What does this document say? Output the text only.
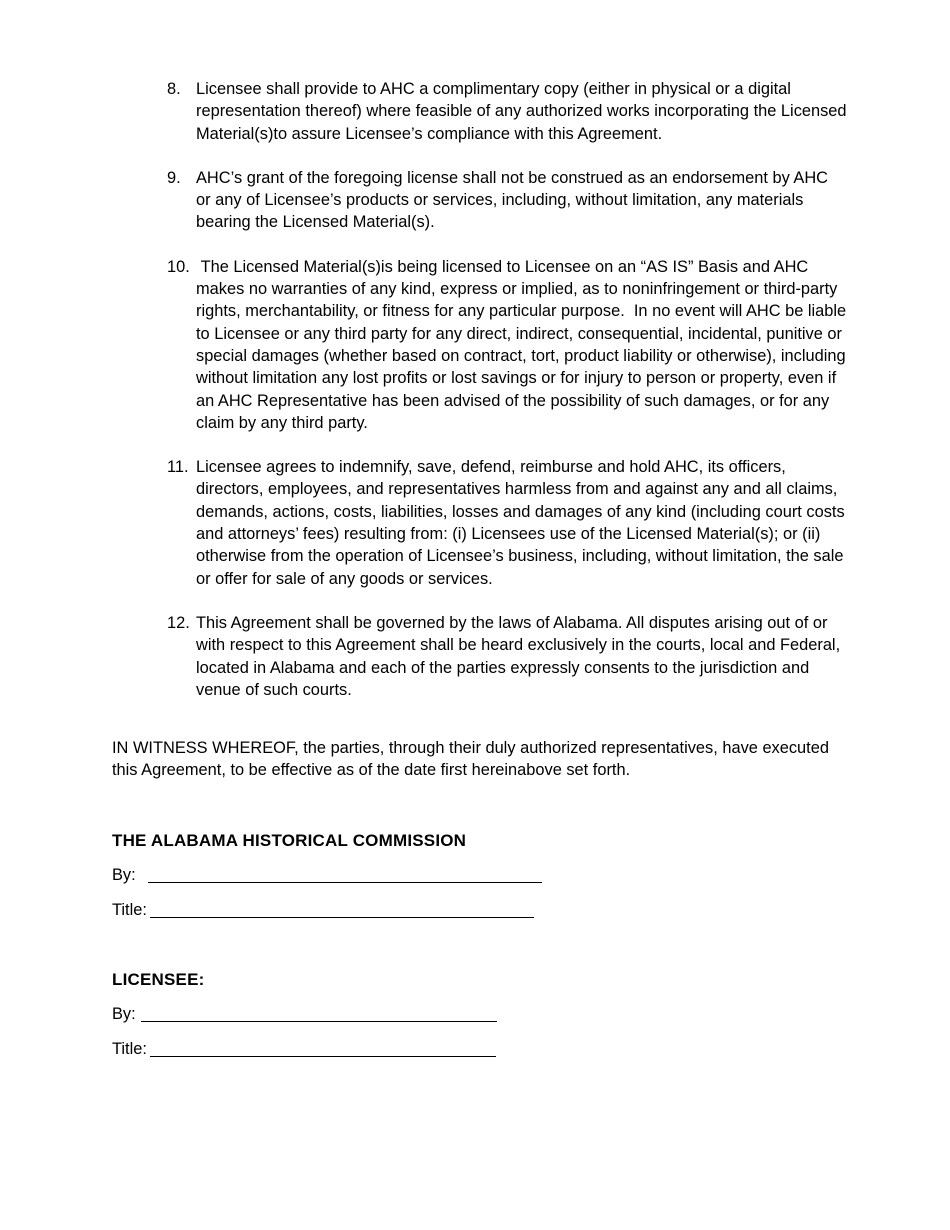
8. Licensee shall provide to AHC a complimentary copy (either in physical or a digital representation thereof) where feasible of any authorized works incorporating the Licensed Material(s)to assure Licensee’s compliance with this Agreement.
9. AHC’s grant of the foregoing license shall not be construed as an endorsement by AHC or any of Licensee’s products or services, including, without limitation, any materials bearing the Licensed Material(s).
10. The Licensed Material(s)is being licensed to Licensee on an “AS IS” Basis and AHC makes no warranties of any kind, express or implied, as to noninfringement or third-party rights, merchantability, or fitness for any particular purpose.  In no event will AHC be liable to Licensee or any third party for any direct, indirect, consequential, incidental, punitive or special damages (whether based on contract, tort, product liability or otherwise), including without limitation any lost profits or lost savings or for injury to person or property, even if an AHC Representative has been advised of the possibility of such damages, or for any claim by any third party.
11. Licensee agrees to indemnify, save, defend, reimburse and hold AHC, its officers, directors, employees, and representatives harmless from and against any and all claims, demands, actions, costs, liabilities, losses and damages of any kind (including court costs and attorneys’ fees) resulting from: (i) Licensees use of the Licensed Material(s); or (ii) otherwise from the operation of Licensee’s business, including, without limitation, the sale or offer for sale of any goods or services.
12. This Agreement shall be governed by the laws of Alabama. All disputes arising out of or with respect to this Agreement shall be heard exclusively in the courts, local and Federal, located in Alabama and each of the parties expressly consents to the jurisdiction and venue of such courts.
IN WITNESS WHEREOF, the parties, through their duly authorized representatives, have executed this Agreement, to be effective as of the date first hereinabove set forth.
THE ALABAMA HISTORICAL COMMISSION
By:
Title:
LICENSEE:
By:
Title:
